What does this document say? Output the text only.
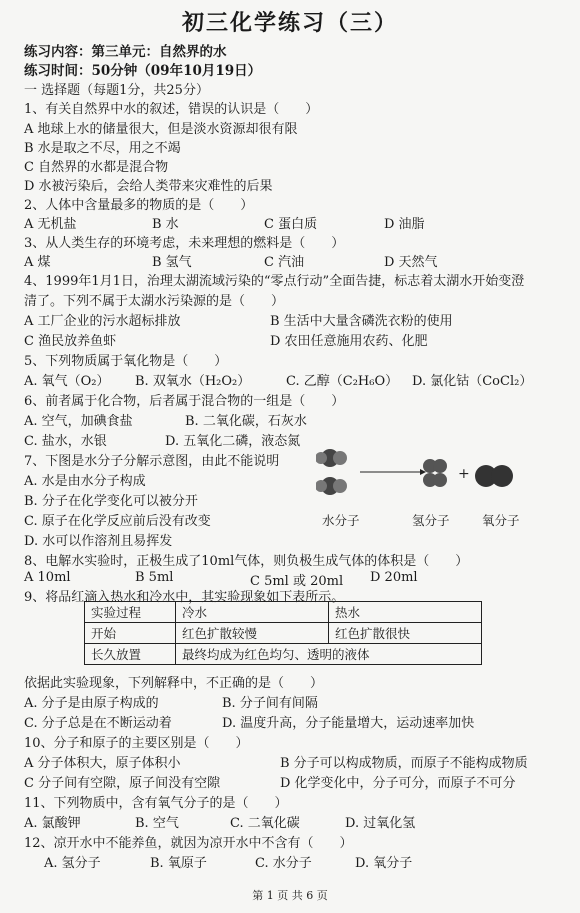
初三化学练习（三）
练习内容：第三单元：自然界的水
练习时间：50分钟（09年10月19日）
一 选择题（每题1分，共25分）
1、有关自然界中水的叙述，错误的认识是（　　）
A 地球上水的储量很大，但是淡水资源却很有限
B 水是取之不尽，用之不竭
C 自然界的水都是混合物
D 水被污染后，会给人类带来灾难性的后果
2、人体中含量最多的物质的是（　　）
A 无机盐	B 水	C 蛋白质	D 油脂
3、从人类生存的环境考虑，未来理想的燃料是（　　）
A 煤	B 氢气	C 汽油	D 天然气
4、1999年1月1日，治理太湖流域污染的“零点行动”全面告捷，标志着太湖水开始变澄
清了。下列不属于太湖水污染源的是（　　）
A 工厂企业的污水超标排放	B 生活中大量含磷洗衣粉的使用
C 渔民放养鱼虾	D 农田任意施用农药、化肥
5、下列物质属于氧化物是（　　）
A. 氧气（O₂） B. 双氧水（H₂O₂）	C. 乙醇（C₂H₆O） D. 氯化钴（CoCl₂）
6、前者属于化合物，后者属于混合物的一组是（　　）
A. 空气，加碘食盐	B. 二氧化碳，石灰水
C. 盐水，水银	D. 五氧化二磷，液态氮
7、下图是水分子分解示意图，由此不能说明
A. 水是由水分子构成
B. 分子在化学变化可以被分开
C. 原子在化学反应前后没有改变
D. 水可以作溶剂且易挥发
+
水分子	氢分子	氧分子
8、电解水实验时，正极生成了10ml气体，则负极生成气体的体积是（　　）
A 10ml	B 5ml	C 5ml 或 20ml D 20ml
9、将品红滴入热水和冷水中，其实验现象如下表所示。
实验过程	冷水	热水
开始	红色扩散较慢	红色扩散很快
长久放置	最终均成为红色均匀、透明的液体	
依据此实验现象，下列解释中，不正确的是（　　）
A. 分子是由原子构成的	B. 分子间有间隔
C. 分子总是在不断运动着	D. 温度升高，分子能量增大，运动速率加快
10、分子和原子的主要区别是（　　）
A 分子体积大，原子体积小	B 分子可以构成物质，而原子不能构成物质
C 分子间有空隙，原子间没有空隙	D 化学变化中，分子可分，而原子不可分
11、下列物质中，含有氧气分子的是（　　）
A. 氯酸钾	B. 空气	C. 二氧化碳	D. 过氧化氢
12、凉开水中不能养鱼，就因为凉开水中不含有（　　）
A. 氢分子	B. 氧原子	C. 水分子	D. 氧分子
第 1 页 共 6 页
